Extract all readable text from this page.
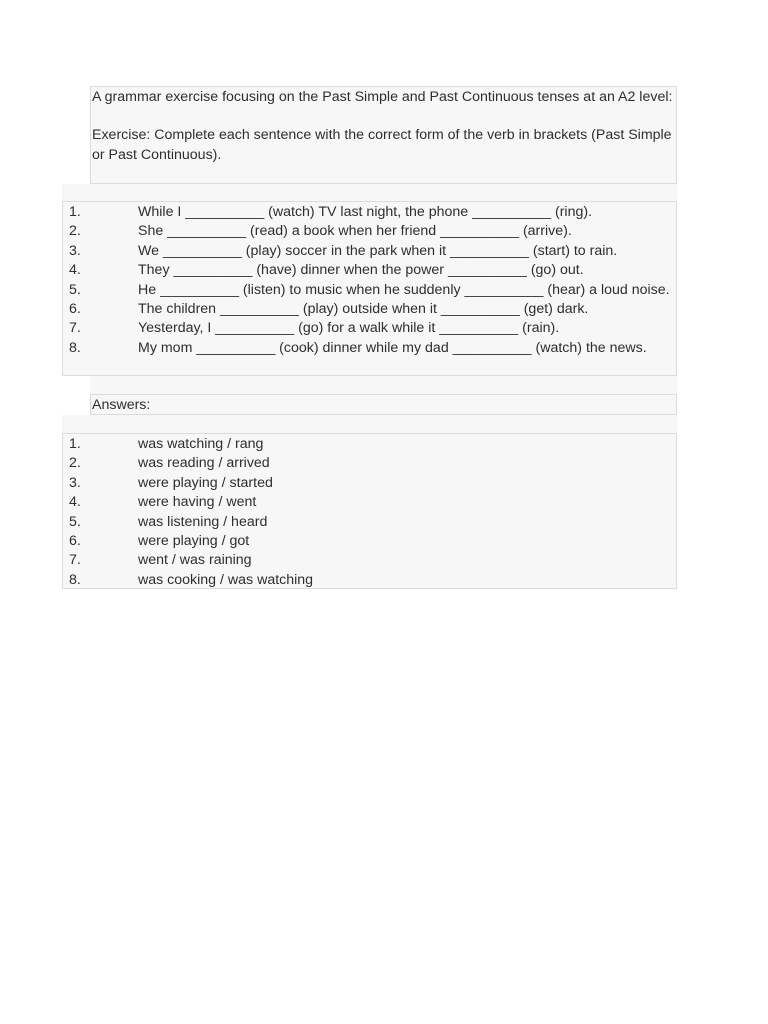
A grammar exercise focusing on the Past Simple and Past Continuous tenses at an A2 level:

Exercise: Complete each sentence with the correct form of the verb in brackets (Past Simple or Past Continuous).

1.	While I __________ (watch) TV last night, the phone __________ (ring).
2.	She __________ (read) a book when her friend __________ (arrive).
3.	We __________ (play) soccer in the park when it __________ (start) to rain.
4.	They __________ (have) dinner when the power __________ (go) out.
5.	He __________ (listen) to music when he suddenly __________ (hear) a loud noise.
6.	The children __________ (play) outside when it __________ (get) dark.
7.	Yesterday, I __________ (go) for a walk while it __________ (rain).
8.	My mom __________ (cook) dinner while my dad __________ (watch) the news.
Answers:
1.	was watching / rang
2.	was reading / arrived
3.	were playing / started
4.	were having / went
5.	was listening / heard
6.	were playing / got
7.	went / was raining
8.	was cooking / was watching
